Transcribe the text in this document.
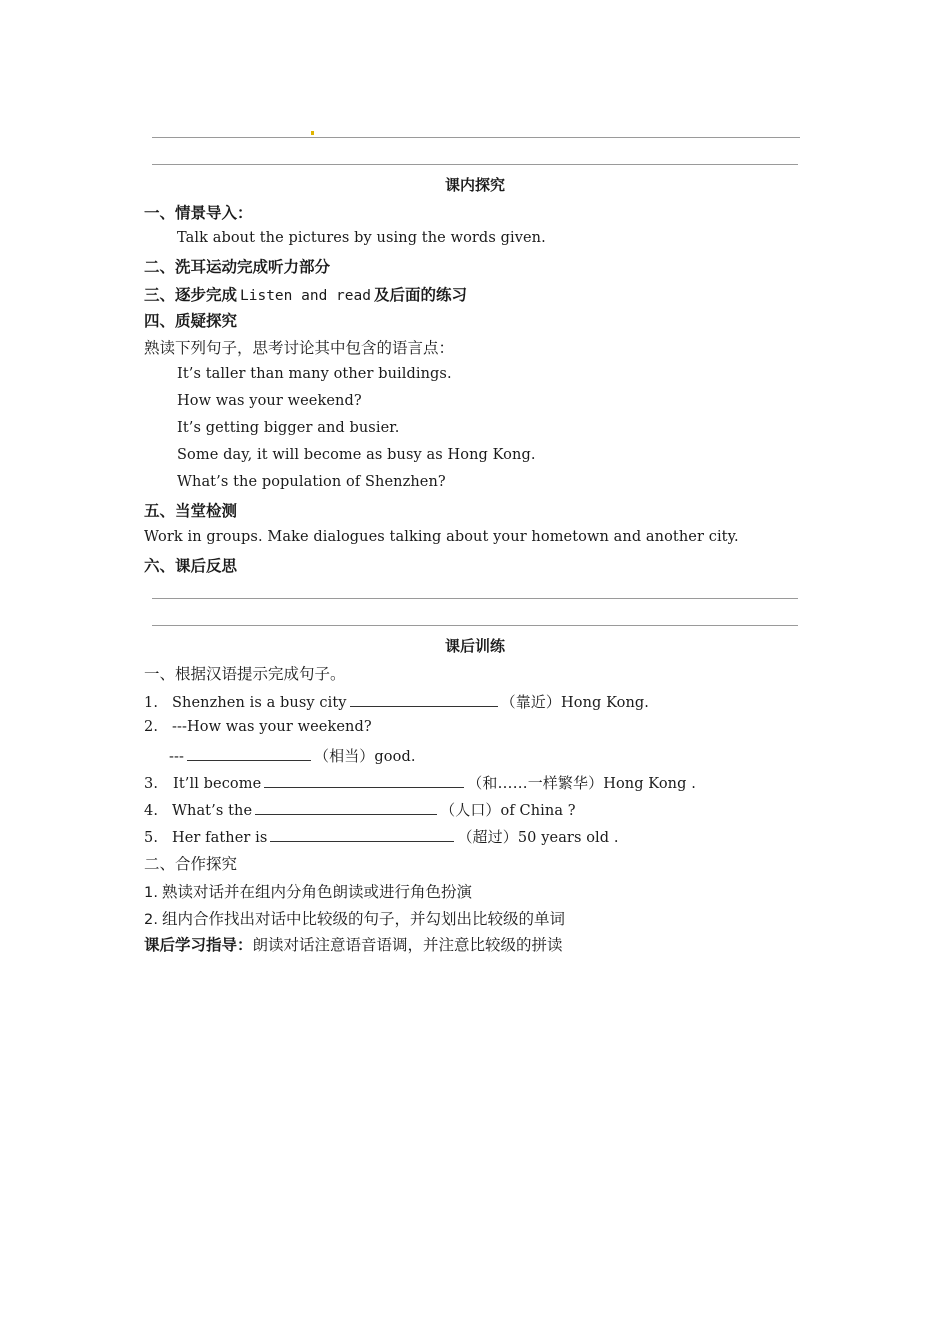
课内探究
一、情景导入：
Talk about the pictures by using the words given.
二、洗耳运动完成听力部分
三、逐步完成 Listen and read 及后面的练习
四、质疑探究
熟读下列句子，思考讨论其中包含的语言点：
It’s taller than many other buildings.
How was your weekend?
It’s getting bigger and busier.
Some day, it will become as busy as Hong Kong.
What’s the population of Shenzhen?
五、当堂检测
Work in groups. Make dialogues talking about your hometown and another city.
六、课后反思
课后训练
一、根据汉语提示完成句子。
1. Shenzhen is a busy city	（靠近）Hong Kong.
2. ---How was your weekend?
---	（相当）good.
3. It’ll become	（和……一样繁华）Hong Kong .
4. What’s the	（人口）of China ?
5. Her father is	（超过）50 years old .
二、合作探究
1. 熟读对话并在组内分角色朗读或进行角色扮演
2. 组内合作找出对话中比较级的句子，并勾划出比较级的单词
课后学习指导：朗读对话注意语音语调，并注意比较级的拼读
